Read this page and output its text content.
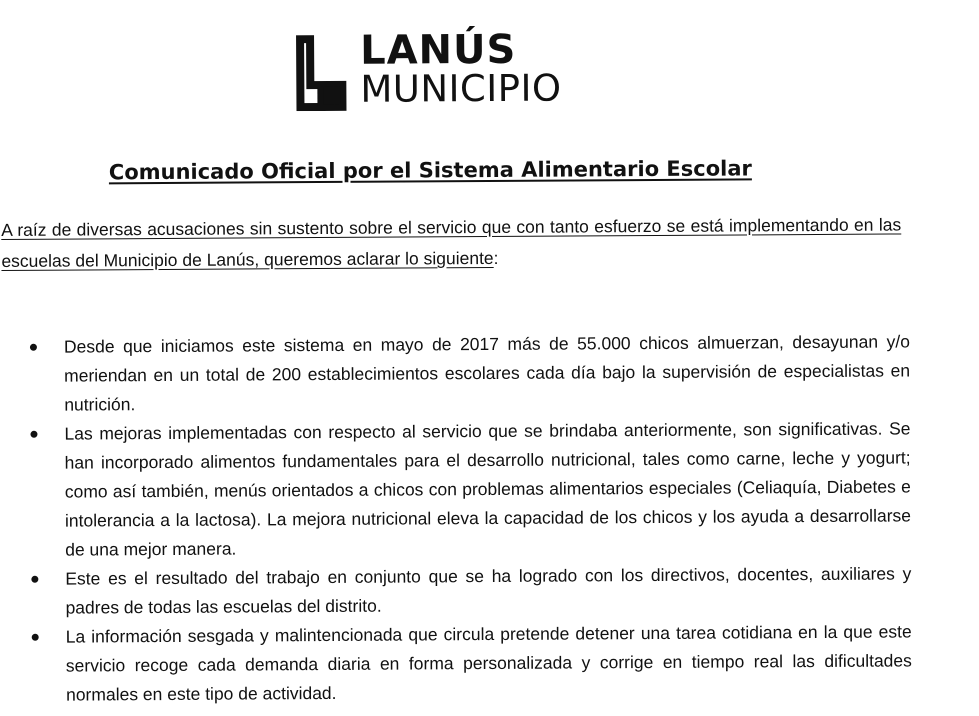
LANÚS
MUNICIPIO
Comunicado Oficial por el Sistema Alimentario Escolar
A raíz de diversas acusaciones sin sustento sobre el servicio que con tanto esfuerzo se está implementando en las escuelas del Municipio de Lanús, queremos aclarar lo siguiente:
Desde que iniciamos este sistema en mayo de 2017 más de 55.000 chicos almuerzan, desayunan y/o meriendan en un total de 200 establecimientos escolares cada día bajo la supervisión de especialistas en nutrición.
Las mejoras implementadas con respecto al servicio que se brindaba anteriormente, son significativas. Se han incorporado alimentos fundamentales para el desarrollo nutricional, tales como carne, leche y yogurt; como así también, menús orientados a chicos con problemas alimentarios especiales (Celiaquía, Diabetes e intolerancia a la lactosa). La mejora nutricional eleva la capacidad de los chicos y los ayuda a desarrollarse de una mejor manera.
Este es el resultado del trabajo en conjunto que se ha logrado con los directivos, docentes, auxiliares y padres de todas las escuelas del distrito.
La información sesgada y malintencionada que circula pretende detener una tarea cotidiana en la que este servicio recoge cada demanda diaria en forma personalizada y corrige en tiempo real las dificultades normales en este tipo de actividad.
